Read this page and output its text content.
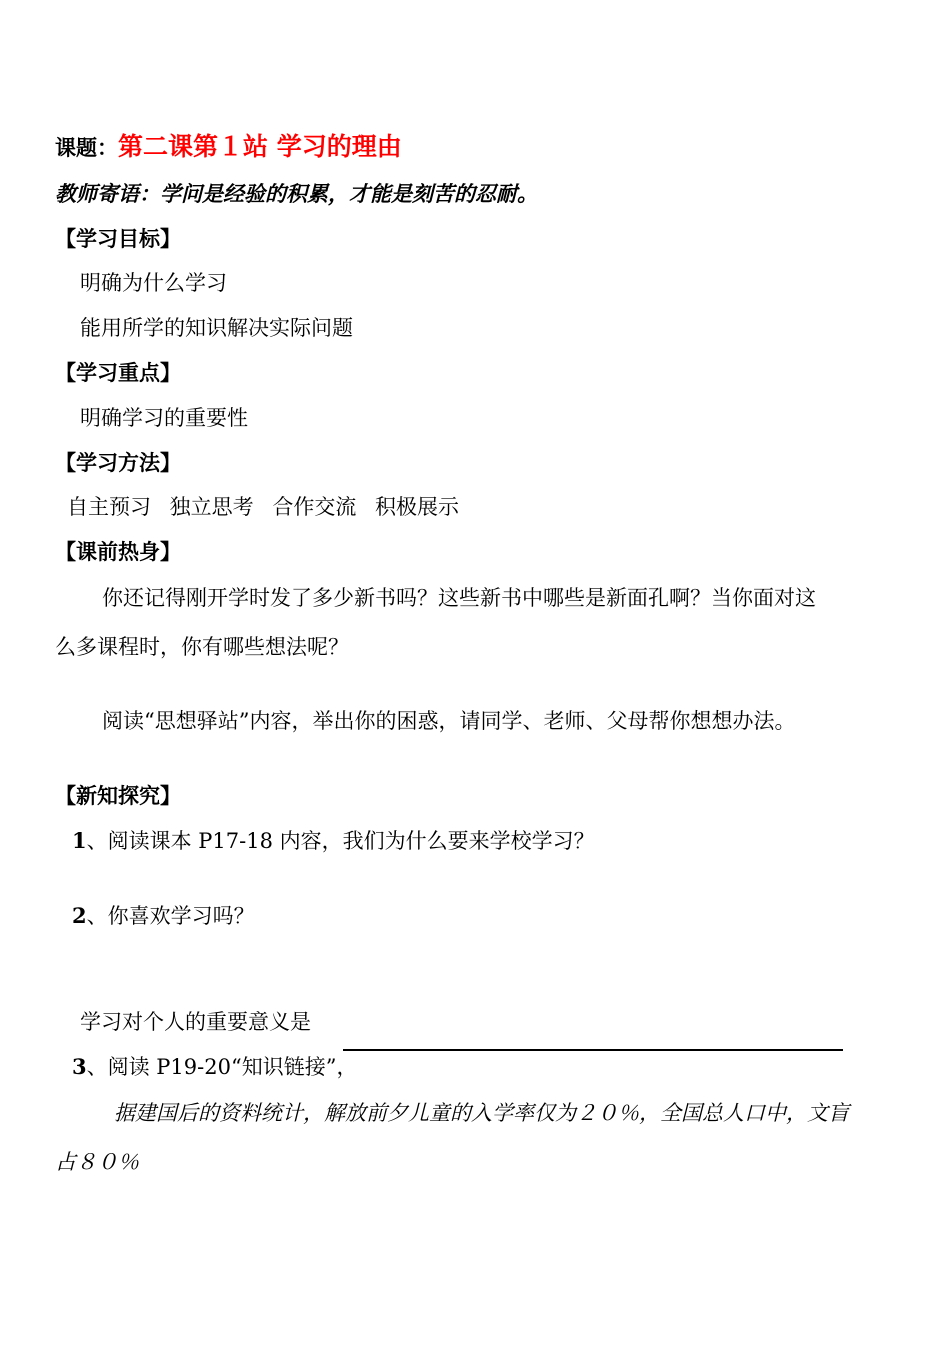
课题：第二课第１站 学习的理由
教师寄语：学问是经验的积累，才能是刻苦的忍耐。
【学习目标】
明确为什么学习
能用所学的知识解决实际问题
【学习重点】
明确学习的重要性
【学习方法】
自主预习 独立思考 合作交流 积极展示
【课前热身】
你还记得刚开学时发了多少新书吗？这些新书中哪些是新面孔啊？当你面对这
么多课程时，你有哪些想法呢？
阅读“思想驿站”内容，举出你的困惑，请同学、老师、父母帮你想想办法。
【新知探究】
1、阅读课本 P17-18 内容，我们为什么要来学校学习？
2、你喜欢学习吗？
学习对个人的重要意义是
3、阅读 P19-20“知识链接”，
据建国后的资料统计，解放前夕儿童的入学率仅为２０％，全国总人口中，文盲
占８０％
